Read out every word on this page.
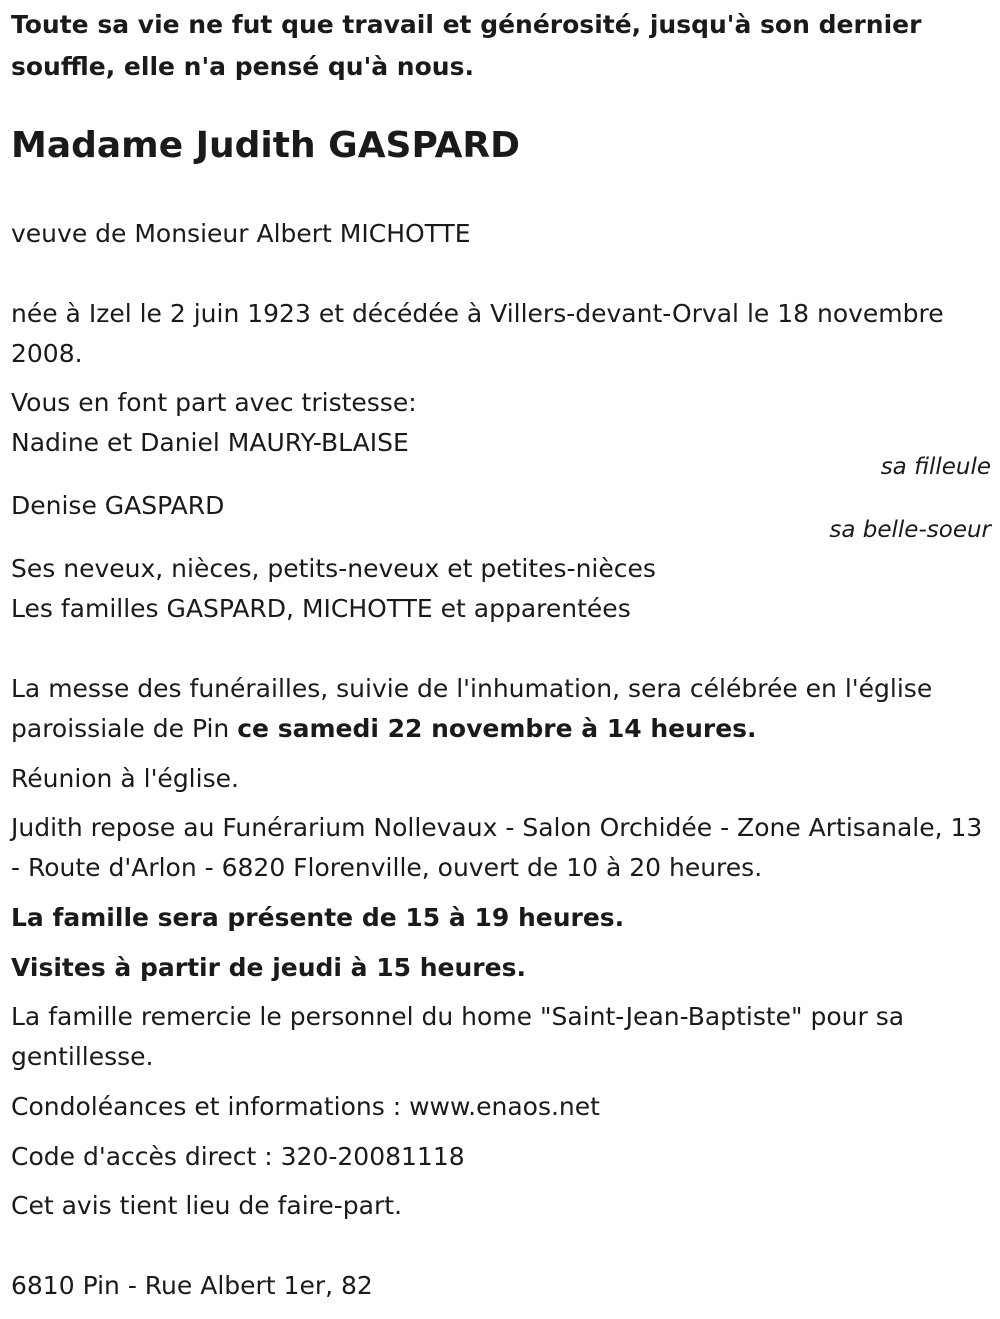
Toute sa vie ne fut que travail et générosité, jusqu'à son dernier souffle, elle n'a pensé qu'à nous.

Madame Judith GASPARD

veuve de Monsieur Albert MICHOTTE

née à Izel le 2 juin 1923 et décédée à Villers-devant-Orval le 18 novembre 2008.

Vous en font part avec tristesse:

Nadine et Daniel MAURY-BLAISE

sa filleule

Denise GASPARD

sa belle-soeur

Ses neveux, nièces, petits-neveux et petites-nièces

Les familles GASPARD, MICHOTTE et apparentées

La messe des funérailles, suivie de l'inhumation, sera célébrée en l'église paroissiale de Pin ce samedi 22 novembre à 14 heures.

Réunion à l'église.

Judith repose au Funérarium Nollevaux - Salon Orchidée - Zone Artisanale, 13 - Route d'Arlon - 6820 Florenville, ouvert de 10 à 20 heures.

La famille sera présente de 15 à 19 heures.

Visites à partir de jeudi à 15 heures.

La famille remercie le personnel du home "Saint-Jean-Baptiste" pour sa gentillesse.

Condoléances et informations : www.enaos.net

Code d'accès direct : 320-20081118

Cet avis tient lieu de faire-part.

6810 Pin - Rue Albert 1er, 82
